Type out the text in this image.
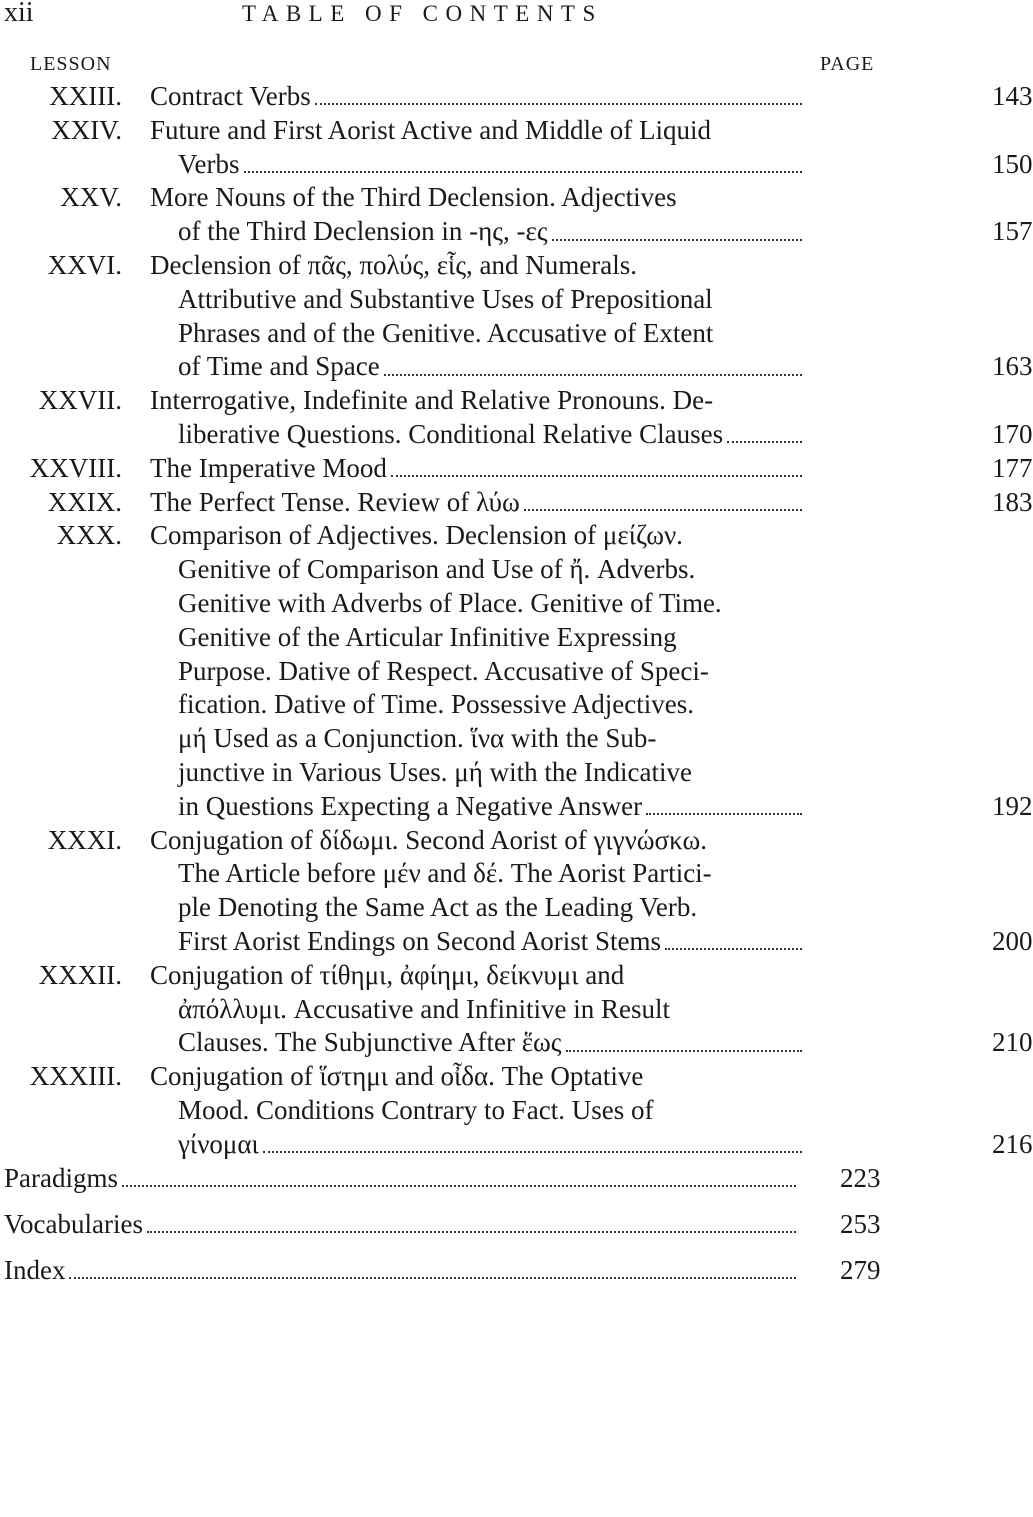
xii	TABLE OF CONTENTS
LESSON	PAGE
XXIII. Contract Verbs	143
XXIV. Future and First Aorist Active and Middle of Liquid
Verbs	150
XXV. More Nouns of the Third Declension. Adjectives
of the Third Declension in -ης, -ες	157
XXVI. Declension of πᾶς, πολύς, εἷς, and Numerals.
Attributive and Substantive Uses of Prepositional
Phrases and of the Genitive. Accusative of Extent
of Time and Space	163
XXVII. Interrogative, Indefinite and Relative Pronouns. De-
liberative Questions. Conditional Relative Clauses	170
XXVIII. The Imperative Mood	177
XXIX. The Perfect Tense. Review of λύω	183
XXX. Comparison of Adjectives. Declension of μείζων.
Genitive of Comparison and Use of ἤ. Adverbs.
Genitive with Adverbs of Place. Genitive of Time.
Genitive of the Articular Infinitive Expressing
Purpose. Dative of Respect. Accusative of Speci-
fication. Dative of Time. Possessive Adjectives.
μή Used as a Conjunction. ἵνα with the Sub-
junctive in Various Uses. μή with the Indicative
in Questions Expecting a Negative Answer	192
XXXI. Conjugation of δίδωμι. Second Aorist of γιγνώσκω.
The Article before μέν and δέ. The Aorist Partici-
ple Denoting the Same Act as the Leading Verb.
First Aorist Endings on Second Aorist Stems	200
XXXII. Conjugation of τίθημι, ἀφίημι, δείκνυμι and
ἀπόλλυμι. Accusative and Infinitive in Result
Clauses. The Subjunctive After ἕως	210
XXXIII. Conjugation of ἵστημι and οἶδα. The Optative
Mood. Conditions Contrary to Fact. Uses of
γίνομαι	216
Paradigms	223
Vocabularies	253
Index	279
